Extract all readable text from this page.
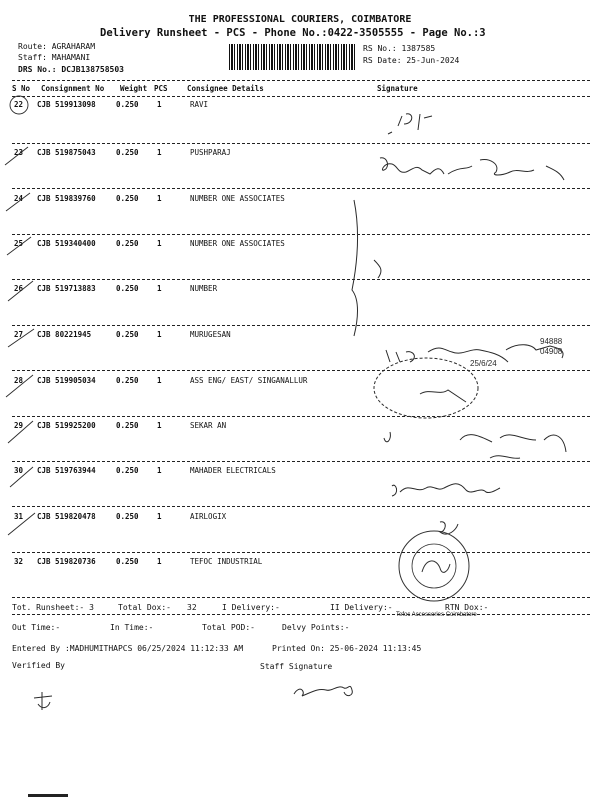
THE PROFESSIONAL COURIERS, COIMBATORE
Delivery Runsheet - PCS - Phone No.:0422-3505555 - Page No.:3
Route: AGRAHARAM
Staff: MAHAMANI
DRS No.: DCJB138758503
RS No.: 1387585
RS Date: 25-Jun-2024
S No Consignment No Weight PCS	Consignee Details	Signature
22 CJB 519913098	0.250 1	RAVI
23 CJB 519875043	0.250 1	PUSHPARAJ
24 CJB 519839760	0.250 1	NUMBER ONE ASSOCIATES
25 CJB 519340400	0.250 1	NUMBER ONE ASSOCIATES
26 CJB 519713883	0.250 1	NUMBER
27 CJB 80221945	0.250 1	MURUGESAN
28 CJB 519905034	0.250 1	ASS ENG/ EAST/ SINGANALLUR
29 CJB 519925200	0.250 1	SEKAR AN
30 CJB 519763944	0.250 1	MAHADER ELECTRICALS
31 CJB 519820478	0.250 1	AIRLOGIX
32 CJB 519820736	0.250 1	TEFOC INDUSTRIAL
94888
04908
25/6/24
Tefoc Accessories Coimbatore
Tot. Runsheet:- 3	Total Dox:- 32	I Delivery:-	II Delivery:-	RTN Dox:-
Out Time:-	In Time:-	Total POD:-	Delvy Points:-
Entered By :MADHUMITHAPCS 06/25/2024 11:12:33 AM	Printed On: 25-06-2024 11:13:45
Verified By	Staff Signature
